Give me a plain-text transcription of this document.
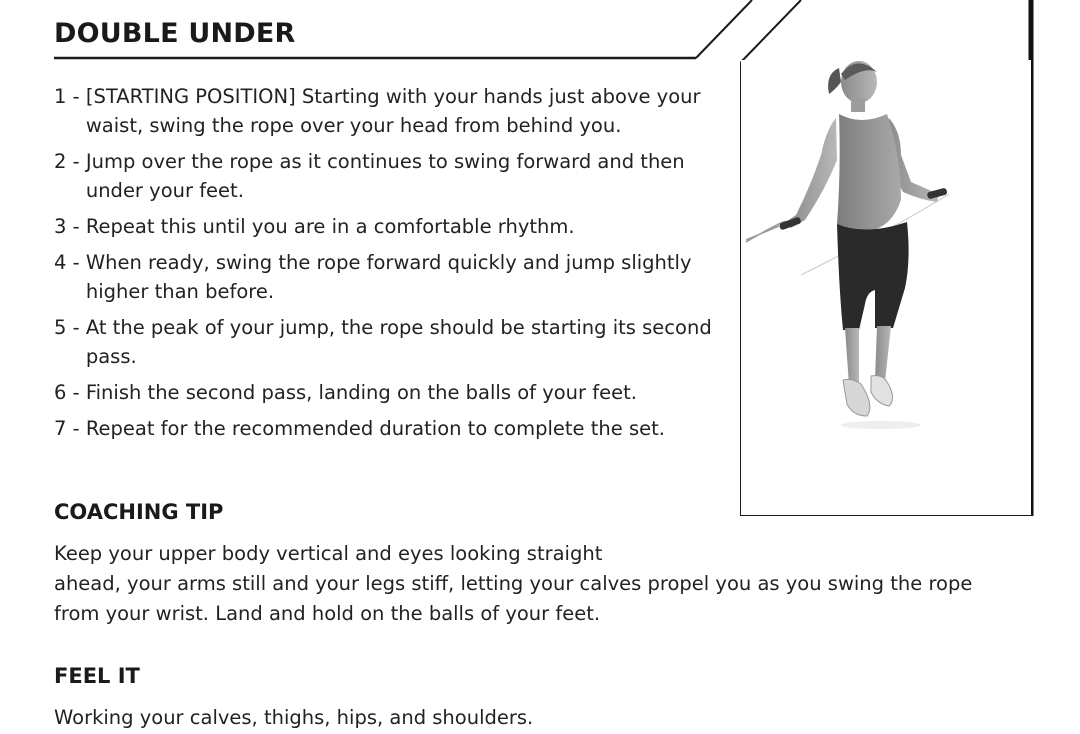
DOUBLE UNDER
1 - [STARTING POSITION] Starting with your hands just above your waist, swing the rope over your head from behind you.
2 - Jump over the rope as it continues to swing forward and then under your feet.
3 - Repeat this until you are in a comfortable rhythm.
4 - When ready, swing the rope forward quickly and jump slightly higher than before.
5 - At the peak of your jump, the rope should be starting its second pass.
6 - Finish the second pass, landing on the balls of your feet.
7 - Repeat for the recommended duration to complete the set.
COACHING TIP
Keep your upper body vertical and eyes looking straight
ahead, your arms still and your legs stiff, letting your calves propel you as you swing the rope from your wrist. Land and hold on the balls of your feet.
FEEL IT

Working your calves, thighs, hips, and shoulders.
